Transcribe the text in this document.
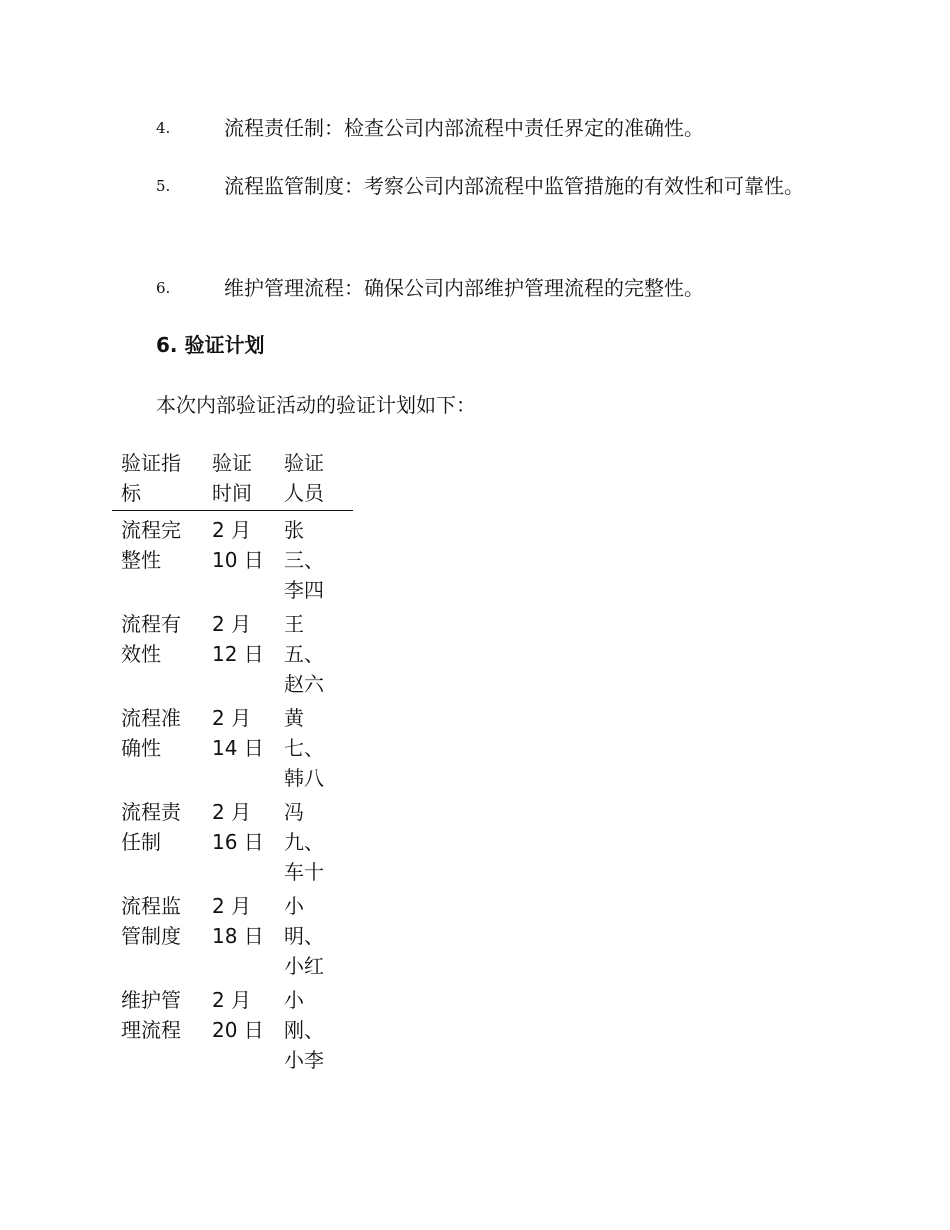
4.	流程责任制：检查公司内部流程中责任界定的准确性。
5.	流程监管制度：考察公司内部流程中监管措施的有效性和可靠性。
6.	维护管理流程：确保公司内部维护管理流程的完整性。
6. 验证计划
本次内部验证活动的验证计划如下：
验证指标	验证时间	验证人员

流程完整性	2 月 10 日	张三、李四

流程有效性	2 月 12 日	王五、赵六

流程准确性	2 月 14 日	黄七、韩八

流程责任制	2 月 16 日	冯九、车十

流程监管制度	2 月 18 日	小明、小红

维护管理流程	2 月 20 日	小刚、小李
